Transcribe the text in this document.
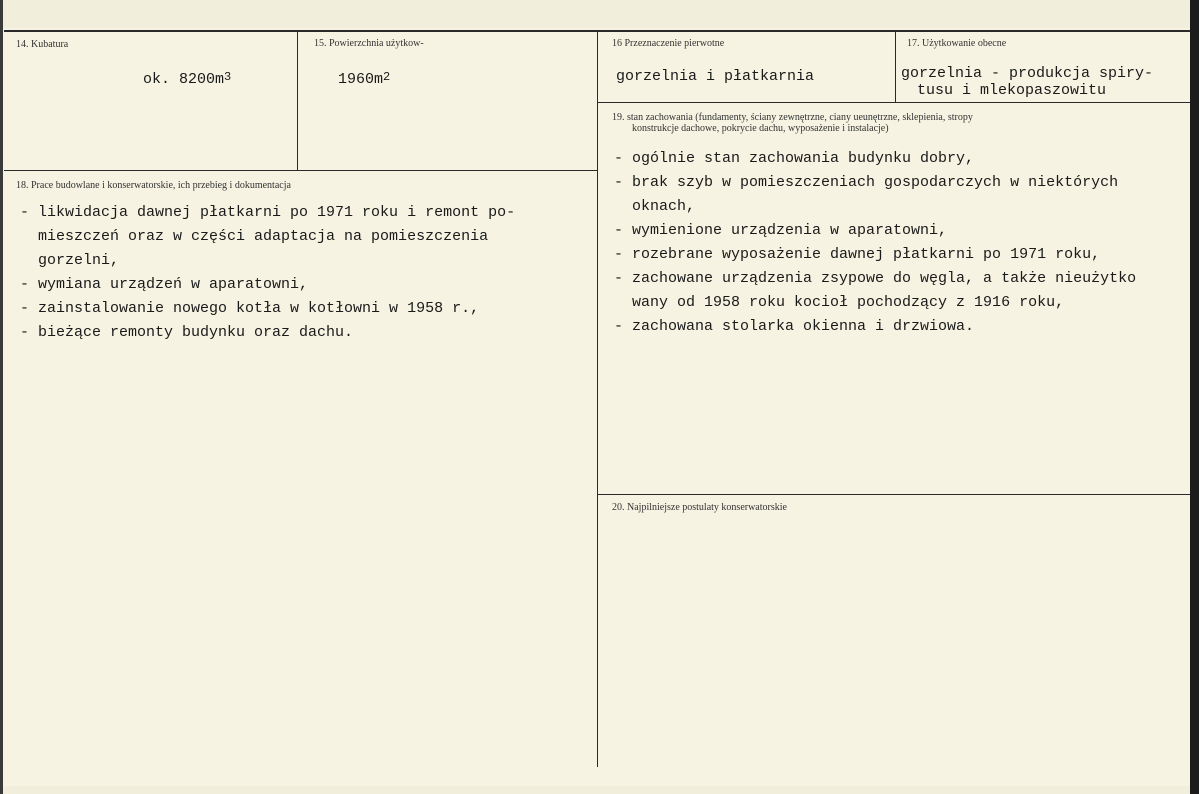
14. Kubatura
ok. $8200m^3$
15. Powierzchnia użytkow-
$1960m^2$
16 Przeznaczenie pierwotne
gorzelnia i płatkarnia
17. Użytkowanie obecne
gorzelnia - produkcja spiry-
tusu i mlekopaszowitu
19. stan zachowania (fundamenty, ściany zewnętrzne, ciany ueunętrzne, sklepienia, stropy
konstrukcje dachowe, pokrycie dachu, wyposażenie i instalacje)
- ogólnie stan zachowania budynku dobry,
- brak szyb w pomieszczeniach gospodarczych w niektórych
oknach,
- wymienione urządzenia w aparatowni,
- rozebrane wyposażenie dawnej płatkarni po 1971 roku,
- zachowane urządzenia zsypowe do węgla, a także nieużytko
wany od 1958 roku kocioł pochodzący z 1916 roku,
- zachowana stolarka okienna i drzwiowa.
18. Prace budowlane i konserwatorskie, ich przebieg i dokumentacja
- likwidacja dawnej płatkarni po 1971 roku i remont po-
mieszczeń oraz w części adaptacja na pomieszczenia
gorzelni,
- wymiana urządzeń w aparatowni,
- zainstalowanie nowego kotła w kotłowni w 1958 r.,
- bieżące remonty budynku oraz dachu.
20. Najpilniejsze postulaty konserwatorskie
